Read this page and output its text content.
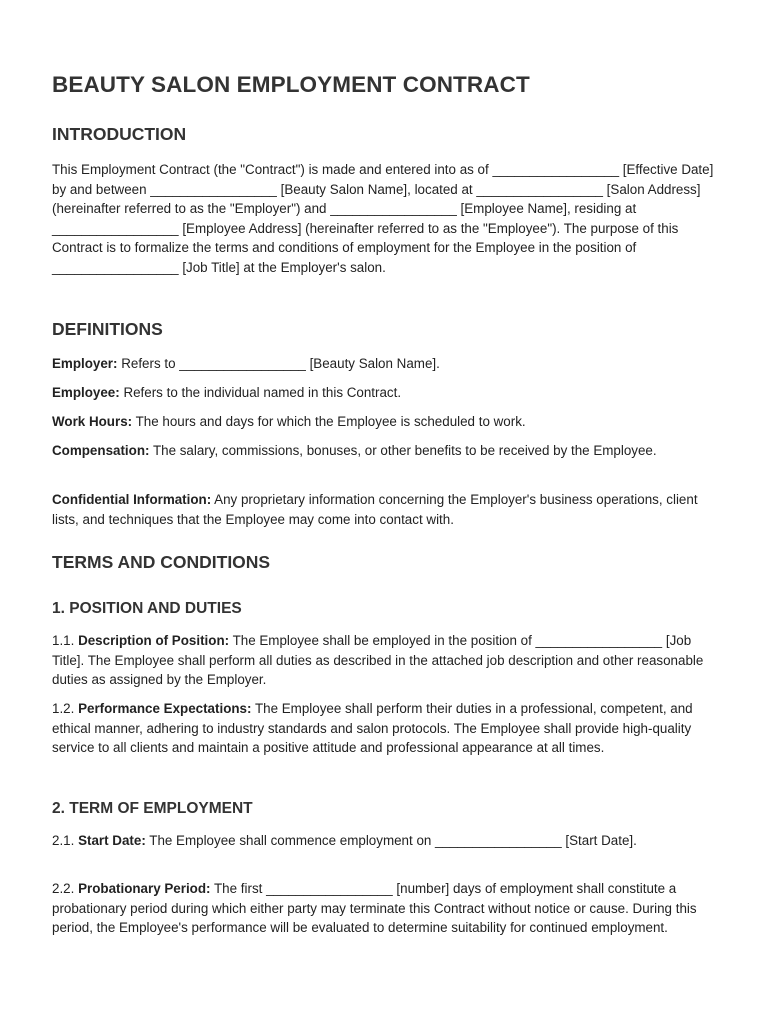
BEAUTY SALON EMPLOYMENT CONTRACT
INTRODUCTION

This Employment Contract (the "Contract") is made and entered into as of _________________ [Effective Date] by and between _________________ [Beauty Salon Name], located at _________________ [Salon Address] (hereinafter referred to as the "Employer") and _________________ [Employee Name], residing at _________________ [Employee Address] (hereinafter referred to as the "Employee"). The purpose of this Contract is to formalize the terms and conditions of employment for the Employee in the position of _________________ [Job Title] at the Employer's salon.

DEFINITIONS

Employer: Refers to _________________ [Beauty Salon Name].

Employee: Refers to the individual named in this Contract.

Work Hours: The hours and days for which the Employee is scheduled to work.

Compensation: The salary, commissions, bonuses, or other benefits to be received by the Employee.

Confidential Information: Any proprietary information concerning the Employer's business operations, client lists, and techniques that the Employee may come into contact with.

TERMS AND CONDITIONS
1. POSITION AND DUTIES

1.1. Description of Position: The Employee shall be employed in the position of _________________ [Job Title]. The Employee shall perform all duties as described in the attached job description and other reasonable duties as assigned by the Employer.

1.2. Performance Expectations: The Employee shall perform their duties in a professional, competent, and ethical manner, adhering to industry standards and salon protocols. The Employee shall provide high-quality service to all clients and maintain a positive attitude and professional appearance at all times.

2. TERM OF EMPLOYMENT

2.1. Start Date: The Employee shall commence employment on _________________ [Start Date].

2.2. Probationary Period: The first _________________ [number] days of employment shall constitute a probationary period during which either party may terminate this Contract without notice or cause. During this period, the Employee's performance will be evaluated to determine suitability for continued employment.
